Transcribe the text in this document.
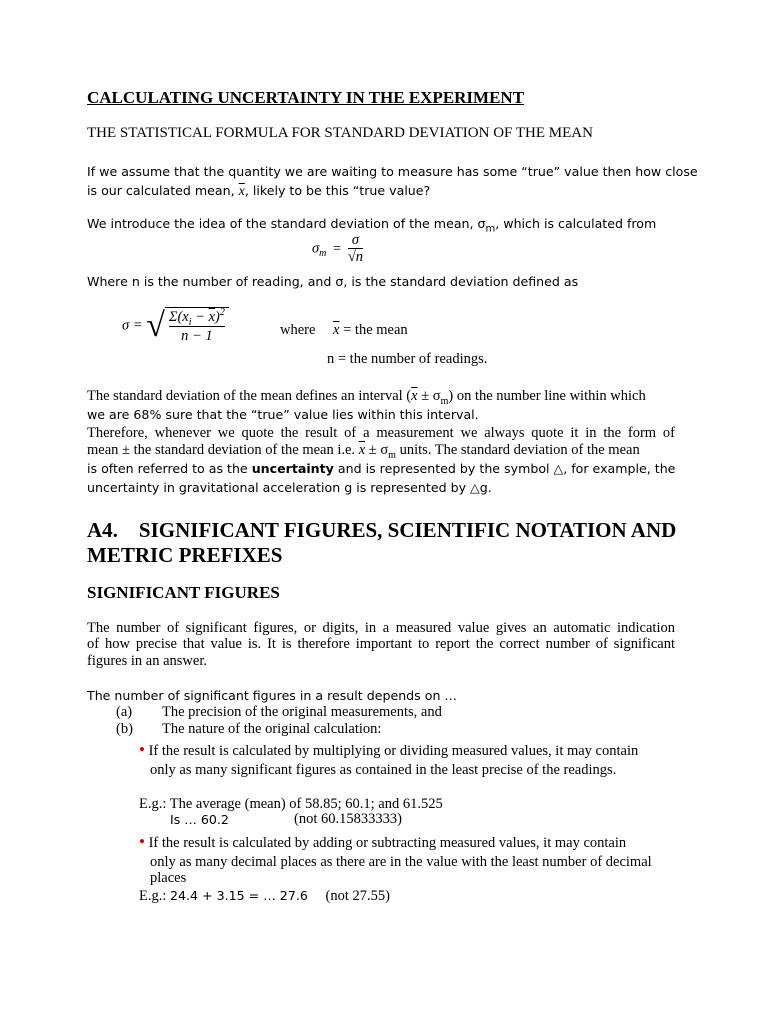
CALCULATING UNCERTAINTY IN THE EXPERIMENT
THE STATISTICAL FORMULA FOR STANDARD DEVIATION OF THE MEAN
If we assume that the quantity we are waiting to measure has some “true” value then how close
is our calculated mean, $\overline{x}$, likely to be this “true value?
We introduce the idea of the standard deviation of the mean, $\sigma_m$, which is calculated from
$\sigma_m = \frac{\sigma}{√n}$
Where n is the number of reading, and σ, is the standard deviation defined as
σ = √ $\frac{\Sigma(x_i - \overline{x})^2}{n - 1}$	where $\overline{x}$ = the mean
n = the number of readings.
The standard deviation of the mean defines an interval $(\overline{x} \pm \sigma_m)$ on the number line within which
we are 68% sure that the “true” value lies within this interval.
Therefore, whenever we quote the result of a measurement we always quote it in the form of
mean ± the standard deviation of the mean i.e. $\overline{x} \pm \sigma_m$ units. The standard deviation of the mean
is often referred to as the uncertainty and is represented by the symbol △, for example, the
uncertainty in gravitational acceleration g is represented by △g.
A4.    SIGNIFICANT FIGURES, SCIENTIFIC NOTATION AND
METRIC PREFIXES
SIGNIFICANT FIGURES
The number of significant figures, or digits, in a measured value gives an automatic indication
of how precise that value is. It is therefore important to report the correct number of significant
figures in an answer.
The number of significant figures in a result depends on …
(a) The precision of the original measurements, and
(b) The nature of the original calculation:
• If the result is calculated by multiplying or dividing measured values, it may contain
only as many significant figures as contained in the least precise of the readings.
E.g.: The average (mean) of 58.85; 60.1; and 61.525
Is … 60.2	(not 60.15833333)
• If the result is calculated by adding or subtracting measured values, it may contain
only as many decimal places as there are in the value with the least number of decimal
places
E.g.: 24.4 + 3.15 = … 27.6 (not 27.55)
